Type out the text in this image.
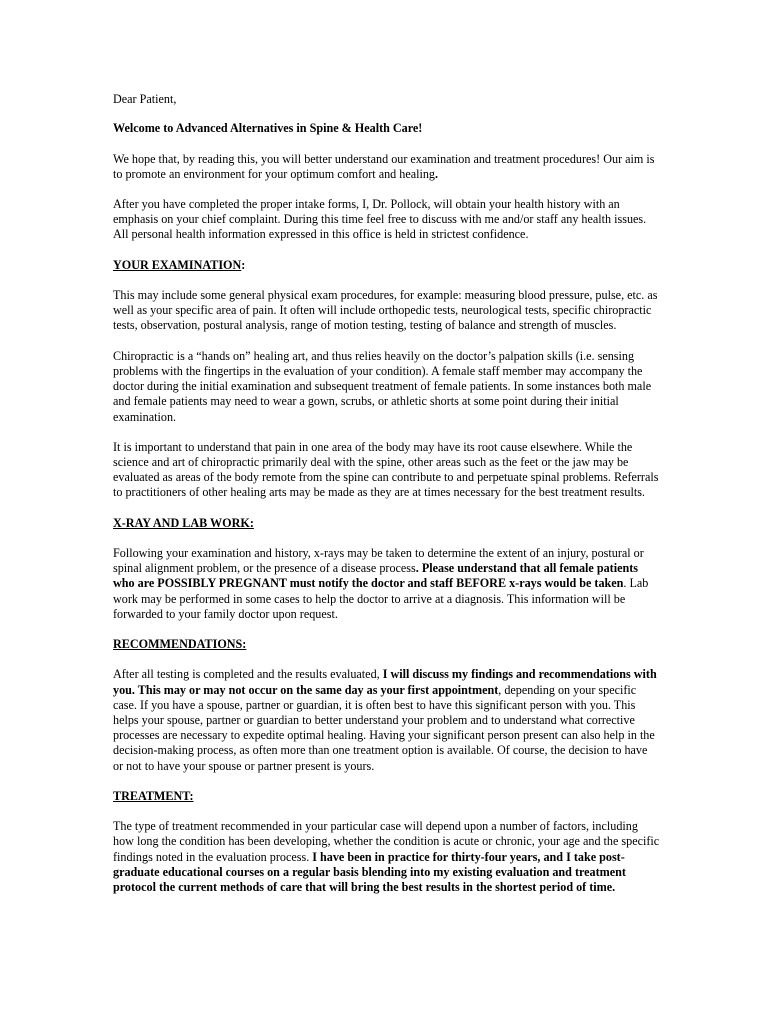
Dear Patient,

Welcome to Advanced Alternatives in Spine & Health Care!

We hope that, by reading this, you will better understand our examination and treatment procedures! Our aim is to promote an environment for your optimum comfort and healing.

After you have completed the proper intake forms, I, Dr. Pollock, will obtain your health history with an emphasis on your chief complaint. During this time feel free to discuss with me and/or staff any health issues. All personal health information expressed in this office is held in strictest confidence.

YOUR EXAMINATION:

This may include some general physical exam procedures, for example: measuring blood pressure, pulse, etc. as well as your specific area of pain. It often will include orthopedic tests, neurological tests, specific chiropractic tests, observation, postural analysis, range of motion testing, testing of balance and strength of muscles.

Chiropractic is a “hands on” healing art, and thus relies heavily on the doctor’s palpation skills (i.e. sensing problems with the fingertips in the evaluation of your condition). A female staff member may accompany the doctor during the initial examination and subsequent treatment of female patients. In some instances both male and female patients may need to wear a gown, scrubs, or athletic shorts at some point during their initial examination.

It is important to understand that pain in one area of the body may have its root cause elsewhere. While the science and art of chiropractic primarily deal with the spine, other areas such as the feet or the jaw may be evaluated as areas of the body remote from the spine can contribute to and perpetuate spinal problems. Referrals to practitioners of other healing arts may be made as they are at times necessary for the best treatment results.

X-RAY AND LAB WORK:

Following your examination and history, x-rays may be taken to determine the extent of an injury, postural or spinal alignment problem, or the presence of a disease process. Please understand that all female patients who are POSSIBLY PREGNANT must notify the doctor and staff BEFORE x-rays would be taken. Lab work may be performed in some cases to help the doctor to arrive at a diagnosis. This information will be forwarded to your family doctor upon request.

RECOMMENDATIONS:

After all testing is completed and the results evaluated, I will discuss my findings and recommendations with you. This may or may not occur on the same day as your first appointment, depending on your specific case. If you have a spouse, partner or guardian, it is often best to have this significant person with you. This helps your spouse, partner or guardian to better understand your problem and to understand what corrective processes are necessary to expedite optimal healing. Having your significant person present can also help in the decision-making process, as often more than one treatment option is available. Of course, the decision to have or not to have your spouse or partner present is yours.

TREATMENT:

The type of treatment recommended in your particular case will depend upon a number of factors, including how long the condition has been developing, whether the condition is acute or chronic, your age and the specific findings noted in the evaluation process. I have been in practice for thirty-four years, and I take post-graduate educational courses on a regular basis blending into my existing evaluation and treatment protocol the current methods of care that will bring the best results in the shortest period of time.
